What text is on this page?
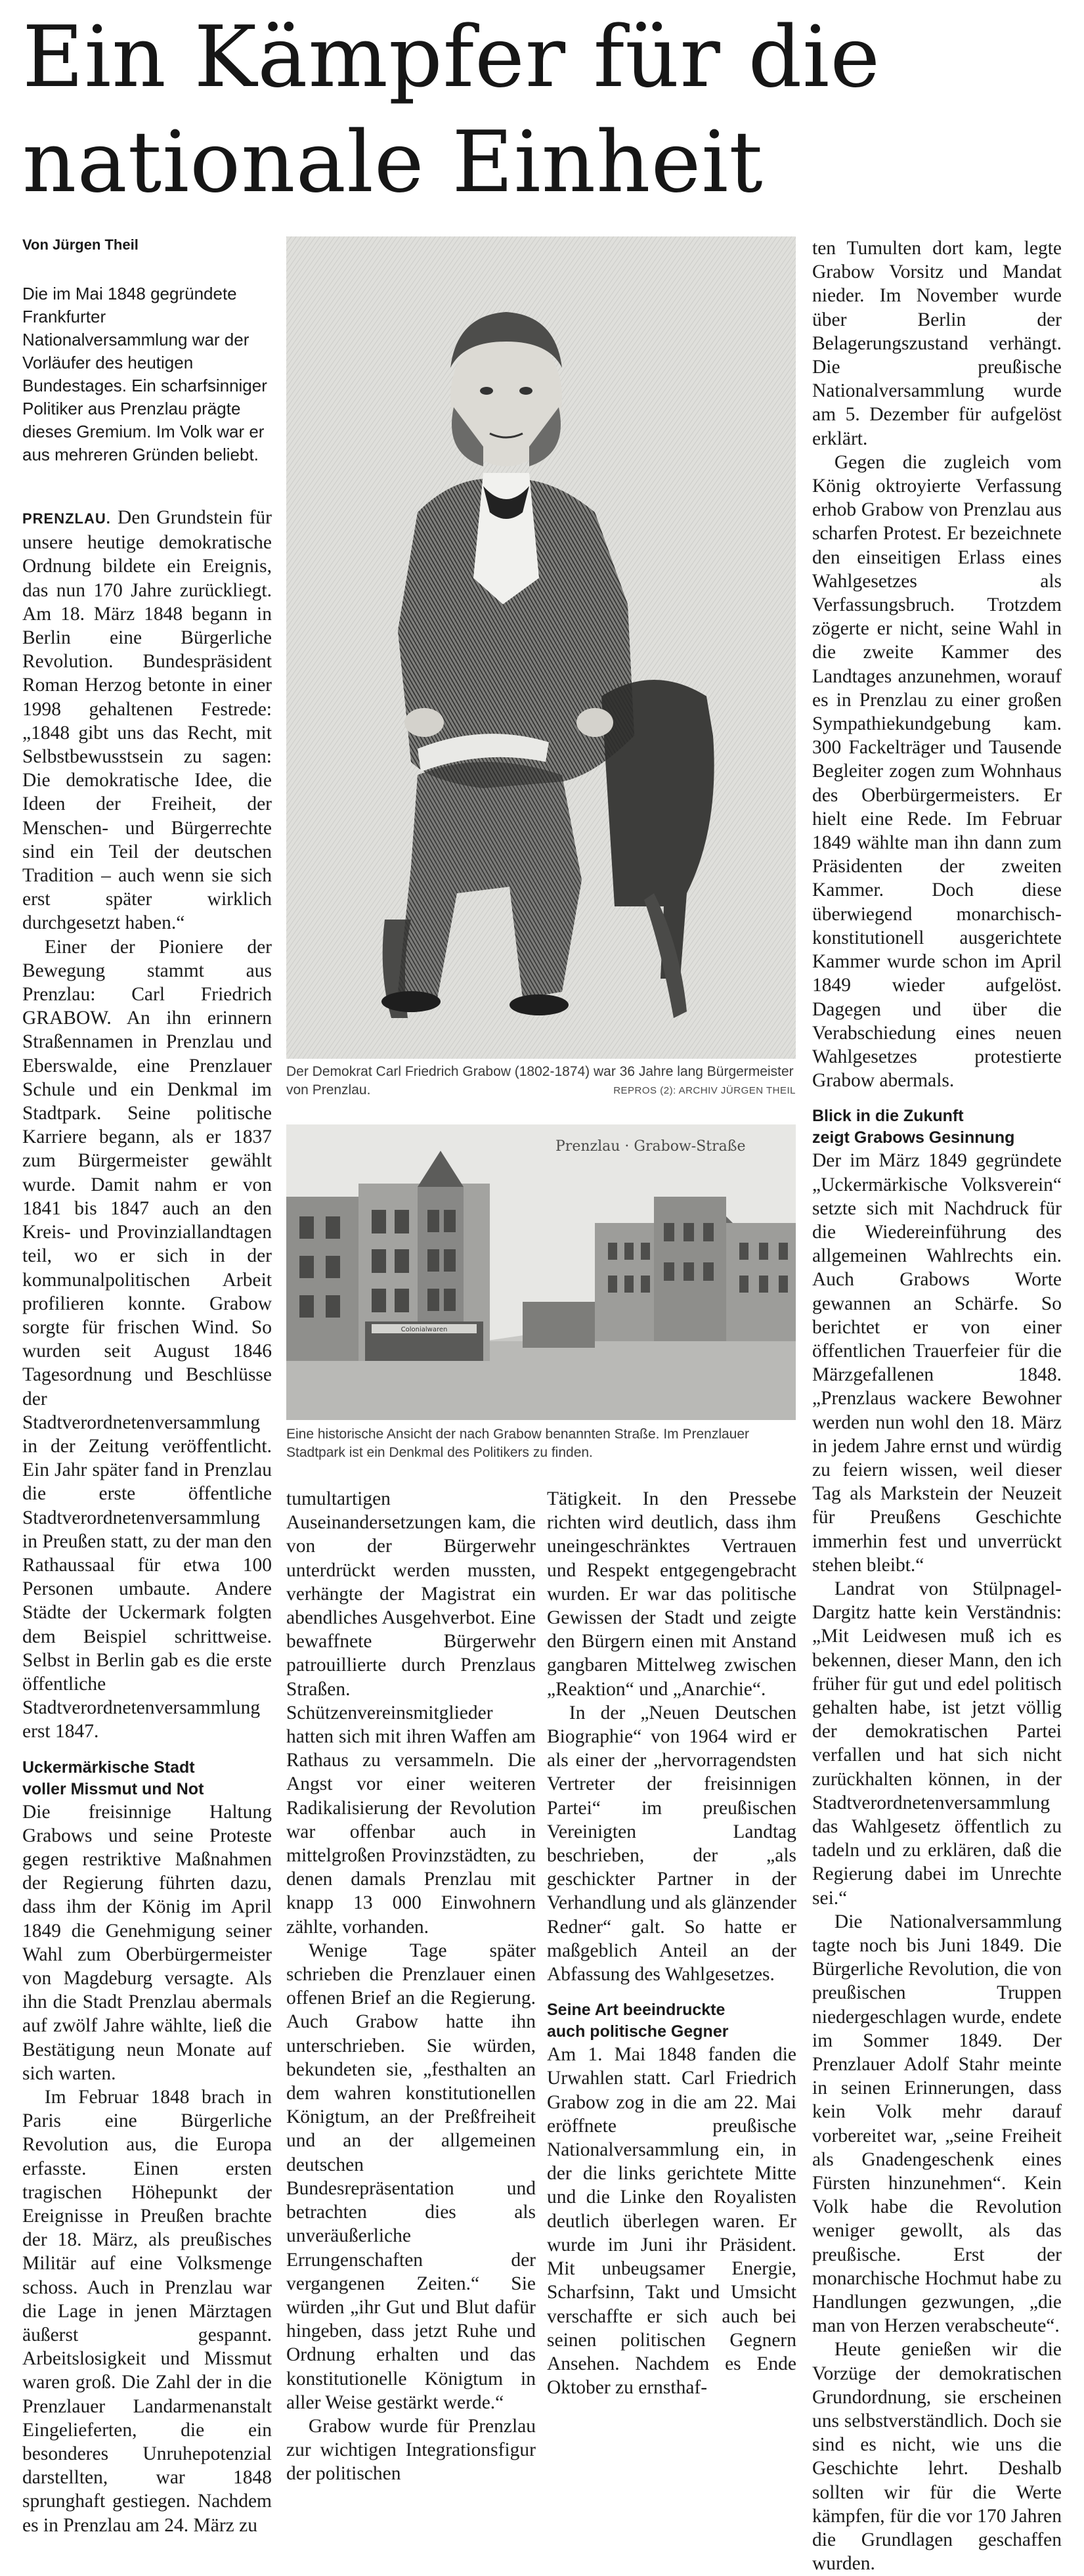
Ein Kämpfer für die
nationale Einheit
Von Jürgen Theil
Die im Mai 1848 gegründete Frankfurter Nationalversammlung war der Vorläufer des heutigen Bundestages. Ein scharfsinniger Politiker aus Prenzlau prägte dieses Gremium. Im Volk war er aus mehreren Gründen beliebt.

PRENZLAU. Den Grundstein für unsere heutige demokratische Ordnung bildete ein Ereignis, das nun 170 Jahre zurückliegt. Am 18. März 1848 begann in Berlin eine Bürgerliche Revolution. Bundespräsident Roman Herzog betonte in einer 1998 gehaltenen Festrede: „1848 gibt uns das Recht, mit Selbstbewusstsein zu sagen: Die demokratische Idee, die Ideen der Freiheit, der Menschen- und Bürgerrechte sind ein Teil der deutschen Tradition – auch wenn sie sich erst später wirklich durchgesetzt haben.“

Einer der Pioniere der Bewegung stammt aus Prenzlau: Carl Friedrich GRABOW. An ihn erinnern Straßennamen in Prenzlau und Eberswalde, eine Prenzlauer Schule und ein Denkmal im Stadtpark. Seine politische Karriere begann, als er 1837 zum Bürgermeister gewählt wurde. Damit nahm er von 1841 bis 1847 auch an den Kreis- und Provinziallandtagen teil, wo er sich in der kommunalpolitischen Arbeit profilieren konnte. Grabow sorgte für frischen Wind. So wurden seit August 1846 Tagesordnung und Beschlüsse der Stadtverordnetenversammlung in der Zeitung veröffentlicht. Ein Jahr später fand in Prenzlau die erste öffentliche Stadtverordnetenversammlung in Preußen statt, zu der man den Rathaussaal für etwa 100 Personen umbaute. Andere Städte der Uckermark folgten dem Beispiel schrittweise. Selbst in Berlin gab es die erste öffentliche Stadtverordnetenversammlung erst 1847.

Uckermärkische Stadt
voller Missmut und Not

Die freisinnige Haltung Grabows und seine Proteste gegen restriktive Maßnahmen der Regierung führten dazu, dass ihm der König im April 1849 die Genehmigung seiner Wahl zum Oberbürgermeister von Magdeburg versagte. Als ihn die Stadt Prenzlau abermals auf zwölf Jahre wählte, ließ die Bestätigung neun Monate auf sich warten.

Im Februar 1848 brach in Paris eine Bürgerliche Revolution aus, die Europa erfasste. Einen ersten tragischen Höhepunkt der Ereignisse in Preußen brachte der 18. März, als preußisches Militär auf eine Volksmenge schoss. Auch in Prenzlau war die Lage in jenen Märztagen äußerst gespannt. Arbeitslosigkeit und Missmut waren groß. Die Zahl der in die Prenzlauer Landarmenanstalt Eingelieferten, die ein besonderes Unruhepotenzial darstellten, war 1848 sprunghaft gestiegen. Nachdem es in Prenzlau am 24. März zu

Der Demokrat Carl Friedrich Grabow (1802-1874) war 36 Jahre lang Bürgermeister von Prenzlau.	REPROS (2): ARCHIV JÜRGEN THEIL
Colonialwaren
Prenzlau · Grabow-Straße
Eine historische Ansicht der nach Grabow benannten Straße. Im Prenzlauer Stadtpark ist ein Denkmal des Politikers zu finden.

tumultartigen Auseinandersetzungen kam, die von der Bürgerwehr unterdrückt werden mussten, verhängte der Magistrat ein abendliches Ausgehverbot. Eine bewaffnete Bürgerwehr patrouillierte durch Prenzlaus Straßen. Schützenvereinsmitglieder hatten sich mit ihren Waffen am Rathaus zu versammeln. Die Angst vor einer weiteren Radikalisierung der Revolution war offenbar auch in mittelgroßen Provinzstädten, zu denen damals Prenzlau mit knapp 13 000 Einwohnern zählte, vorhanden.

Wenige Tage später schrieben die Prenzlauer einen offenen Brief an die Regierung. Auch Grabow hatte ihn unterschrieben. Sie würden, bekundeten sie, „festhalten an dem wahren konstitutionellen Königtum, an der Preßfreiheit und an der allgemeinen deutschen Bundesrepräsentation und betrachten dies als unveräußerliche Errungenschaften der vergangenen Zeiten.“ Sie würden „ihr Gut und Blut dafür hingeben, dass jetzt Ruhe und Ordnung erhalten und das konstitutionelle Königtum in aller Weise gestärkt werde.“

Grabow wurde für Prenzlau zur wichtigen Integrationsfigur der politischen

Tätigkeit. In den Pressebe richten wird deutlich, dass ihm uneingeschränktes Vertrauen und Respekt entgegengebracht wurden. Er war das politische Gewissen der Stadt und zeigte den Bürgern einen mit Anstand gangbaren Mittelweg zwischen „Reaktion“ und „Anarchie“.

In der „Neuen Deutschen Biographie“ von 1964 wird er als einer der „hervorragendsten Vertreter der freisinnigen Partei“ im preußischen Vereinigten Landtag beschrieben, der „als geschickter Partner in der Verhandlung und als glänzender Redner“ galt. So hatte er maßgeblich Anteil an der Abfassung des Wahlgesetzes.

Seine Art beeindruckte
auch politische Gegner

Am 1. Mai 1848 fanden die Urwahlen statt. Carl Friedrich Grabow zog in die am 22. Mai eröffnete preußische Nationalversammlung ein, in der die links gerichtete Mitte und die Linke den Royalisten deutlich überlegen waren. Er wurde im Juni ihr Präsident. Mit unbeugsamer Energie, Scharfsinn, Takt und Umsicht verschaffte er sich auch bei seinen politischen Gegnern Ansehen. Nachdem es Ende Oktober zu ernsthaf-

ten Tumulten dort kam, legte Grabow Vorsitz und Mandat nieder. Im November wurde über Berlin der Belagerungszustand verhängt. Die preußische Nationalversammlung wurde am 5. Dezember für aufgelöst erklärt.

Gegen die zugleich vom König oktroyierte Verfassung erhob Grabow von Prenzlau aus scharfen Protest. Er bezeichnete den einseitigen Erlass eines Wahlgesetzes als Verfassungsbruch. Trotzdem zögerte er nicht, seine Wahl in die zweite Kammer des Landtages anzunehmen, worauf es in Prenzlau zu einer großen Sympathiekundgebung kam. 300 Fackelträger und Tausende Begleiter zogen zum Wohnhaus des Oberbürgermeisters. Er hielt eine Rede. Im Februar 1849 wählte man ihn dann zum Präsidenten der zweiten Kammer. Doch diese überwiegend monarchisch-konstitutionell ausgerichtete Kammer wurde schon im April 1849 wieder aufgelöst. Dagegen und über die Verabschiedung eines neuen Wahlgesetzes protestierte Grabow abermals.

Blick in die Zukunft
zeigt Grabows Gesinnung

Der im März 1849 gegründete „Uckermärkische Volksverein“ setzte sich mit Nachdruck für die Wiedereinführung des allgemeinen Wahlrechts ein. Auch Grabows Worte gewannen an Schärfe. So berichtet er von einer öffentlichen Trauerfeier für die Märzgefallenen 1848. „Prenzlaus wackere Bewohner werden nun wohl den 18. März in jedem Jahre ernst und würdig zu feiern wissen, weil dieser Tag als Markstein der Neuzeit für Preußens Geschichte immerhin fest und unverrückt stehen bleibt.“

Landrat von Stülpnagel-Dargitz hatte kein Verständnis: „Mit Leidwesen muß ich es bekennen, dieser Mann, den ich früher für gut und edel politisch gehalten habe, ist jetzt völlig der demokratischen Partei verfallen und hat sich nicht zurückhalten können, in der Stadtverordnetenversammlung das Wahlgesetz öffentlich zu tadeln und zu erklären, daß die Regierung dabei im Unrechte sei.“

Die Nationalversammlung tagte noch bis Juni 1849. Die Bürgerliche Revolution, die von preußischen Truppen niedergeschlagen wurde, endete im Sommer 1849. Der Prenzlauer Adolf Stahr meinte in seinen Erinnerungen, dass kein Volk mehr darauf vorbereitet war, „seine Freiheit als Gnadengeschenk eines Fürsten hinzunehmen“. Kein Volk habe die Revolution weniger gewollt, als das preußische. Erst der monarchische Hochmut habe zu Handlungen gezwungen, „die man von Herzen verabscheute“.

Heute genießen wir die Vorzüge der demokratischen Grundordnung, sie erscheinen uns selbstverständlich. Doch sie sind es nicht, wie uns die Geschichte lehrt. Deshalb sollten wir für die Werte kämpfen, für die vor 170 Jahren die Grundlagen geschaffen wurden.
